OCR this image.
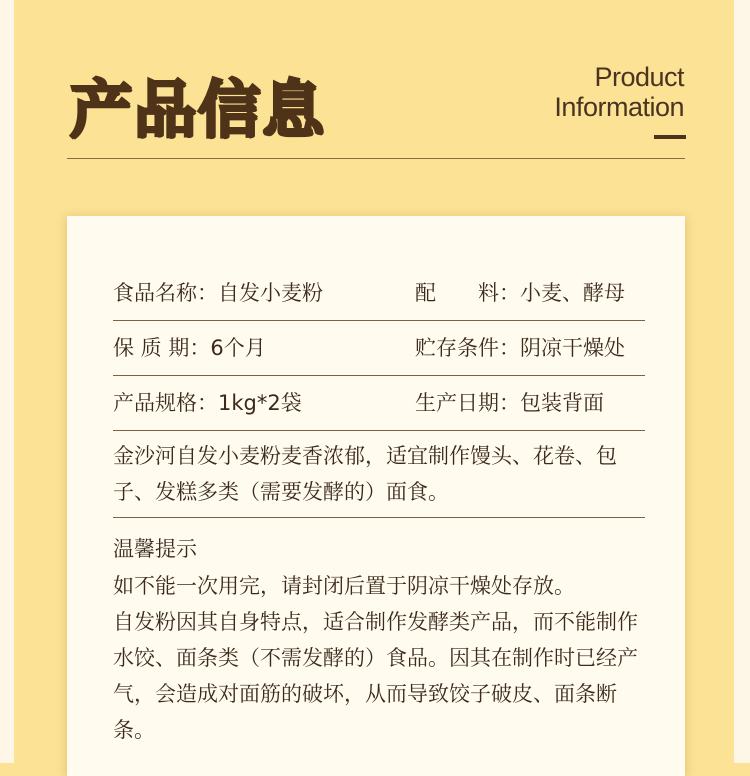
产品信息	Product
Information
食品名称：自发小麦粉	配　　料：小麦、酵母
保 质 期：6个月	贮存条件：阴凉干燥处
产品规格：1kg*2袋	生产日期：包装背面
金沙河自发小麦粉麦香浓郁，适宜制作馒头、花卷、包子、发糕多类（需要发酵的）面食。
温馨提示

如不能一次用完，请封闭后置于阴凉干燥处存放。

自发粉因其自身特点，适合制作发酵类产品，而不能制作水饺、面条类（不需发酵的）食品。因其在制作时已经产气，会造成对面筋的破坏，从而导致饺子破皮、面条断条。
